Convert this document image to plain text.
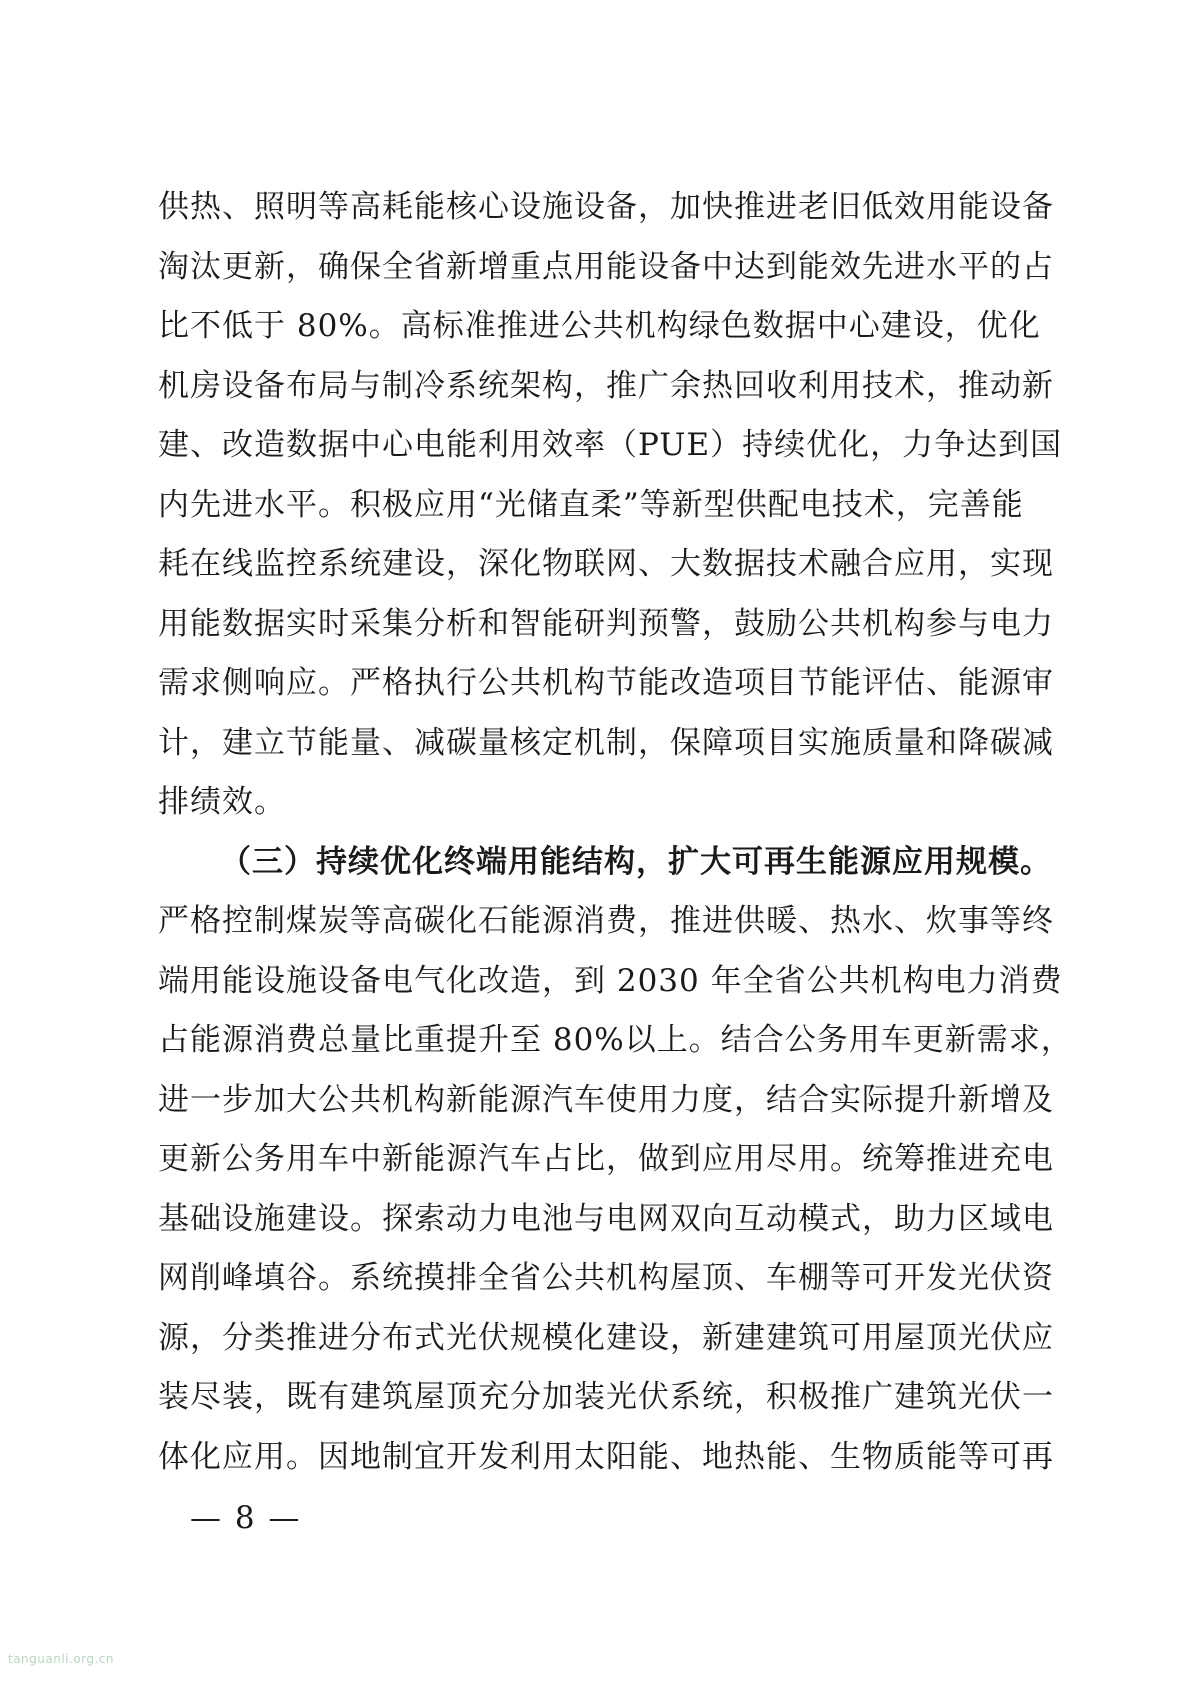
供热、照明等高耗能核心设施设备，加快推进老旧低效用能设备
淘汰更新，确保全省新增重点用能设备中达到能效先进水平的占
比不低于 80%。高标准推进公共机构绿色数据中心建设，优化
机房设备布局与制冷系统架构，推广余热回收利用技术，推动新
建、改造数据中心电能利用效率（PUE）持续优化，力争达到国
内先进水平。积极应用“光储直柔”等新型供配电技术，完善能
耗在线监控系统建设，深化物联网、大数据技术融合应用，实现
用能数据实时采集分析和智能研判预警，鼓励公共机构参与电力
需求侧响应。严格执行公共机构节能改造项目节能评估、能源审
计，建立节能量、减碳量核定机制，保障项目实施质量和降碳减
排绩效。
（三）持续优化终端用能结构，扩大可再生能源应用规模。
严格控制煤炭等高碳化石能源消费，推进供暖、热水、炊事等终
端用能设施设备电气化改造，到 2030 年全省公共机构电力消费
占能源消费总量比重提升至 80%以上。结合公务用车更新需求，
进一步加大公共机构新能源汽车使用力度，结合实际提升新增及
更新公务用车中新能源汽车占比，做到应用尽用。统筹推进充电
基础设施建设。探索动力电池与电网双向互动模式，助力区域电
网削峰填谷。系统摸排全省公共机构屋顶、车棚等可开发光伏资
源，分类推进分布式光伏规模化建设，新建建筑可用屋顶光伏应
装尽装，既有建筑屋顶充分加装光伏系统，积极推广建筑光伏一
体化应用。因地制宜开发利用太阳能、地热能、生物质能等可再
— 8 —
tanguanli.org.cn
